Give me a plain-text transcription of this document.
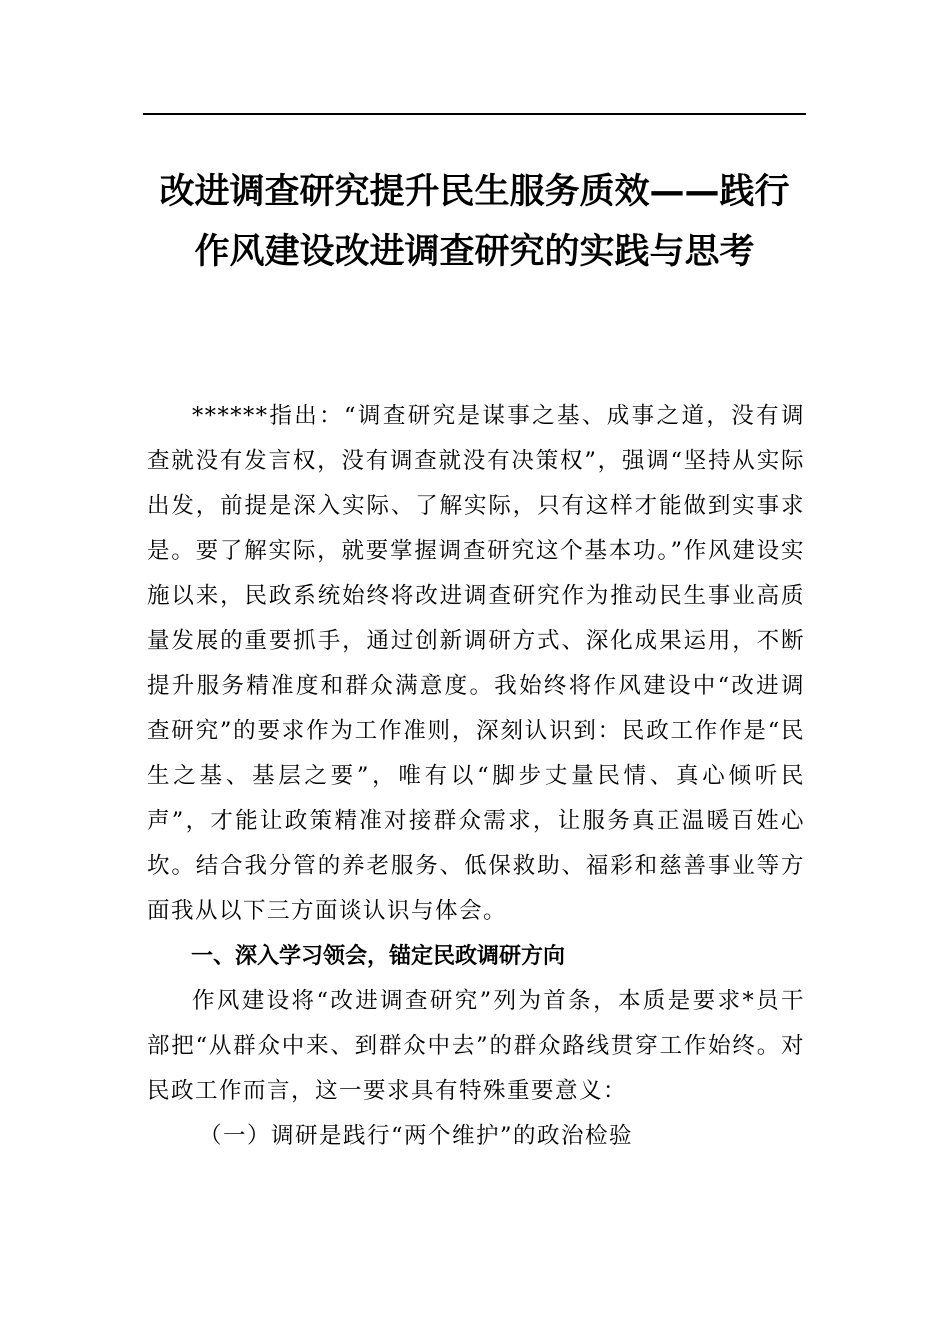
改进调查研究提升民生服务质效——践行
作风建设改进调查研究的实践与思考

******指出：“调查研究是谋事之基、成事之道，没有调查就没有发言权，没有调查就没有决策权”，强调“坚持从实际出发，前提是深入实际、了解实际，只有这样才能做到实事求是。要了解实际，就要掌握调查研究这个基本功。”作风建设实施以来，民政系统始终将改进调查研究作为推动民生事业高质量发展的重要抓手，通过创新调研方式、深化成果运用，不断提升服务精准度和群众满意度。我始终将作风建设中“改进调查研究”的要求作为工作准则，深刻认识到：民政工作作是“民生之基、基层之要”，唯有以“脚步丈量民情、真心倾听民声”，才能让政策精准对接群众需求，让服务真正温暖百姓心坎。结合我分管的养老服务、低保救助、福彩和慈善事业等方面我从以下三方面谈认识与体会。

一、深入学习领会，锚定民政调研方向

作风建设将“改进调查研究”列为首条，本质是要求*员干部把“从群众中来、到群众中去”的群众路线贯穿工作始终。对民政工作而言，这一要求具有特殊重要意义：

（一）调研是践行“两个维护”的政治检验
